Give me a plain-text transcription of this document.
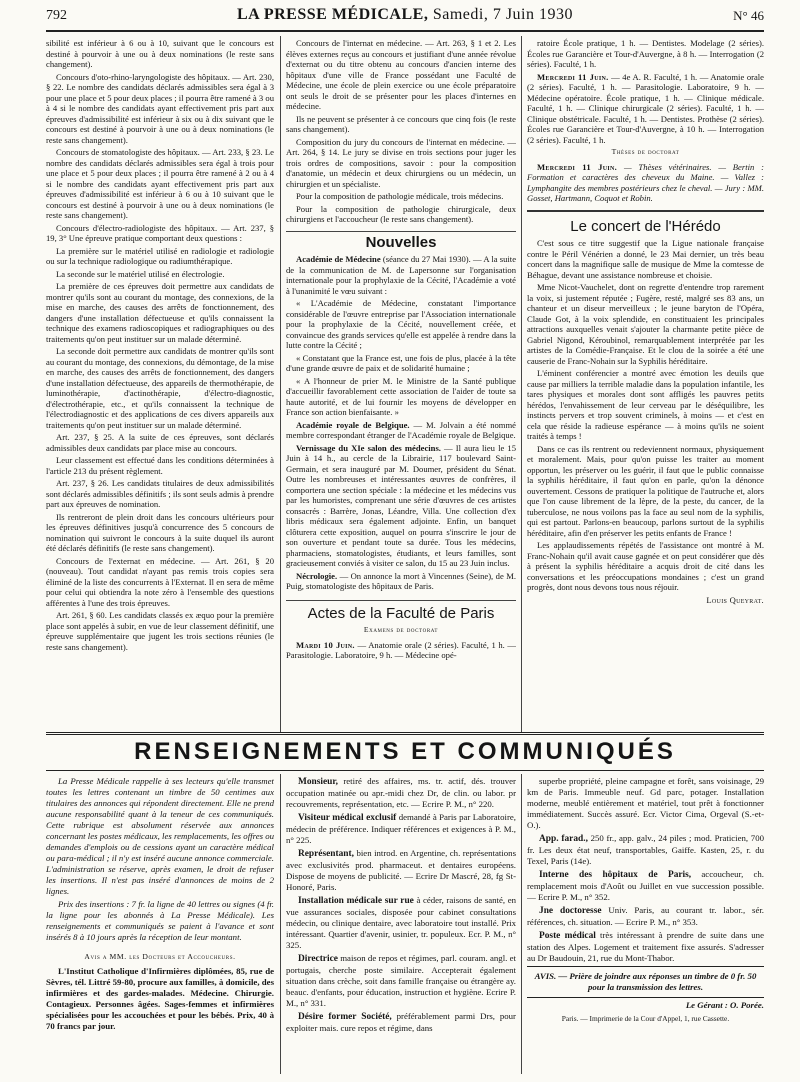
792	LA PRESSE MÉDICALE, Samedi, 7 Juin 1930	N° 46

sibilité est inférieur à 6 ou à 10, suivant que le concours est destiné à pourvoir à une ou à deux nominations (le reste sans changement).

Concours d'oto-rhino-laryngologiste des hôpitaux. — Art. 230, § 22. Le nombre des candidats déclarés admissibles sera égal à 3 pour une place et 5 pour deux places ; il pourra être ramené à 3 ou à 4 si le nombre des candidats ayant effectivement pris part aux épreuves d'admissibilité est inférieur à six ou à dix suivant que le concours est destiné à pourvoir à une ou à deux nominations (le reste sans changement).

Concours de stomatologiste des hôpitaux. — Art. 233, § 23. Le nombre des candidats déclarés admissibles sera égal à trois pour une place et 5 pour deux places ; il pourra être ramené à 2 ou à 4 si le nombre des candidats ayant effectivement pris part aux épreuves d'admissibilité est inférieur à 6 ou à 10 suivant que le concours est destiné à pourvoir à une ou à deux nominations (le reste sans changement).

Concours d'électro-radiologiste des hôpitaux. — Art. 237, § 19, 3° Une épreuve pratique comportant deux questions :

La première sur le matériel utilisé en radiologie et radiologie ou sur la technique radiologique ou radiumthérapique.

La seconde sur le matériel utilisé en électrologie.

La première de ces épreuves doit permettre aux candidats de montrer qu'ils sont au courant du montage, des connexions, de la mise en marche, des causes des arrêts de fonctionnement, des dangers d'une installation défectueuse et qu'ils connaissent la technique des examens radioscopiques et radiographiques ou des traitements qu'on peut instituer sur un malade déterminé.

La seconde doit permettre aux candidats de montrer qu'ils sont au courant du montage, des connexions, du démontage, de la mise en marche, des causes des arrêts de fonctionnement, des dangers d'une installation défectueuse, des appareils de thermothérapie, de luminothérapie, d'actinothérapie, d'électro-diagnostic, d'électrothérapie, etc., et qu'ils connaissent la technique de l'électrodiagnostic et des applications de ces divers appareils aux traitements qu'on peut instituer sur un malade déterminé.

Art. 237, § 25. A la suite de ces épreuves, sont déclarés admissibles deux candidats par place mise au concours.

Leur classement est effectué dans les conditions déterminées à l'article 213 du présent règlement.

Art. 237, § 26. Les candidats titulaires de deux admissibilités sont déclarés admissibles définitifs ; ils sont seuls admis à prendre part aux épreuves de nomination.

Ils rentreront de plein droit dans les concours ultérieurs pour les épreuves définitives jusqu'à concurrence des 5 concours de nomination qui suivront le concours à la suite duquel ils auront été déclarés définitifs (le reste sans changement).

Concours de l'externat en médecine. — Art. 261, § 20 (nouveau). Tout candidat n'ayant pas remis trois copies sera éliminé de la liste des concurrents à l'Externat. Il en sera de même pour celui qui obtiendra la note zéro à l'ensemble des questions afférentes à l'une des trois épreuves.

Art. 261, § 60. Les candidats classés ex æquo pour la première place sont appelés à subir, en vue de leur classement définitif, une épreuve supplémentaire que jugent les trois sections réunies (le reste sans changement).

Concours de l'internat en médecine. — Art. 263, § 1 et 2. Les élèves externes reçus au concours et justifiant d'une année révolue d'externat ou du titre obtenu au concours d'ancien interne des hôpitaux d'une ville de France possédant une Faculté de Médecine, une école de plein exercice ou une école préparatoire ont seuls le droit de se présenter pour les places d'internes en médecine.

Ils ne peuvent se présenter à ce concours que cinq fois (le reste sans changement).

Composition du jury du concours de l'internat en médecine. — Art. 264, § 14. Le jury se divise en trois sections pour juger les trois ordres de compositions, savoir : pour la composition d'anatomie, un médecin et deux chirurgiens ou un médecin, un chirurgien et un spécialiste.

Pour la composition de pathologie médicale, trois médecins.

Pour la composition de pathologie chirurgicale, deux chirurgiens et l'accoucheur (le reste sans changement).

Nouvelles

Académie de Médecine (séance du 27 Mai 1930). — A la suite de la communication de M. de Lapersonne sur l'organisation internationale pour la prophylaxie de la Cécité, l'Académie a voté à l'unanimité le vœu suivant :

« L'Académie de Médecine, constatant l'importance considérable de l'œuvre entreprise par l'Association internationale pour la prophylaxie de la Cécité, nouvellement créée, et convaincue des grands services qu'elle est appelée à rendre dans la lutte contre la Cécité ;

« Constatant que la France est, une fois de plus, placée à la tête d'une grande œuvre de paix et de solidarité humaine ;

« A l'honneur de prier M. le Ministre de la Santé publique d'accueillir favorablement cette association de l'aider de toute sa haute autorité, et de lui fournir les moyens de développer en France son action bienfaisante. »

Académie royale de Belgique. — M. Jolvain a été nommé membre correspondant étranger de l'Académie royale de Belgique.

Vernissage du XIe salon des médecins. — Il aura lieu le 15 Juin à 14 h., au cercle de la Librairie, 117 boulevard Saint-Germain, et sera inauguré par M. Doumer, président du Sénat. Outre les nombreuses et intéressantes œuvres de confrères, il comportera une section spéciale : la médecine et les médecins vus par les humoristes, comprenant une série d'œuvres de ces artistes consacrés : Barrère, Jonas, Léandre, Villa. Une collection d'ex libris médicaux sera également adjointe. Enfin, un banquet clôturera cette exposition, auquel on pourra s'inscrire le jour de son ouverture et pendant toute sa durée. Tous les médecins, pharmaciens, stomatologistes, étudiants, et leurs familles, sont gracieusement conviés à visiter ce salon, du 15 au 23 Juin inclus.

Nécrologie. — On annonce la mort à Vincennes (Seine), de M. Puig, stomatologiste des hôpitaux de Paris.

Actes de la Faculté de Paris
Examens de doctorat

Mardi 10 Juin. — Anatomie orale (2 séries). Faculté, 1 h. — Parasitologie. Laboratoire, 9 h. — Médecine opé-

ratoire École pratique, 1 h. — Dentistes. Modelage (2 séries). Écoles rue Garancière et Tour-d'Auvergne, à 8 h. — Interrogation (2 séries). Faculté, 1 h.

Mercredi 11 Juin. — 4e A. R. Faculté, 1 h. — Anatomie orale (2 séries). Faculté, 1 h. — Parasitologie. Laboratoire, 9 h. — Médecine opératoire. École pratique, 1 h. — Clinique médicale. Faculté, 1 h. — Clinique chirurgicale (2 séries). Faculté, 1 h. — Clinique obstétricale. Faculté, 1 h. — Dentistes. Prothèse (2 séries). Écoles rue Garancière et Tour-d'Auvergne, à 10 h. — Interrogation (2 séries). Faculté, 1 h.

Thèses de doctorat

Mercredi 11 Juin. — Thèses vétérinaires. — Bertin : Formation et caractères des cheveux du Maine. — Vallez : Lymphangite des membres postérieurs chez le cheval. — Jury : MM. Gosset, Hartmann, Coquot et Robin.

Le concert de l'Hérédo

C'est sous ce titre suggestif que la Ligue nationale française contre le Péril Vénérien a donné, le 23 Mai dernier, un très beau concert dans la magnifique salle de musique de Mme la comtesse de Béhague, devant une assistance nombreuse et choisie.

Mme Nicot-Vauchelet, dont on regrette d'entendre trop rarement la voix, si justement réputée ; Fugère, resté, malgré ses 83 ans, un chanteur et un diseur merveilleux ; le jeune baryton de l'Opéra, Claude Got, à la voix splendide, en constituaient les principales attractions auxquelles venait s'ajouter la charmante petite pièce de Gabriel Nigond, Kéroubinol, remarquablement interprétée par les artistes de la Comédie-Française. Et le clou de la soirée a été une causerie de Franc-Nohain sur la Syphilis héréditaire.

L'éminent conférencier a montré avec émotion les deuils que cause par milliers la terrible maladie dans la population infantile, les tares physiques et morales dont sont affligés les pauvres petits hérédos, l'envahissement de leur cerveau par le déséquilibre, les instincts pervers et trop souvent criminels, à moins — et c'est en cela que réside la radieuse espérance — à moins qu'ils ne soient traités à temps !

Dans ce cas ils rentrent ou redeviennent normaux, physiquement et moralement. Mais, pour qu'on puisse les traiter au moment opportun, les préserver ou les guérir, il faut que le public connaisse la syphilis héréditaire, il faut qu'on en parle, qu'on la dénonce ouvertement. Cessons de pratiquer la politique de l'autruche et, alors que l'on cause librement de la lèpre, de la peste, du cancer, de la tuberculose, ne nous voilons pas la face au seul nom de la syphilis, qui est partout. Parlons-en beaucoup, parlons surtout de la syphilis héréditaire, afin d'en préserver les petits enfants de France !

Les applaudissements répétés de l'assistance ont montré à M. Franc-Nohain qu'il avait cause gagnée et on peut considérer que dès à présent la syphilis héréditaire a acquis droit de cité dans les conversations et les préoccupations mondaines ; c'est un grand progrès, dont nous devons tous nous réjouir.

Louis Queyrat.

RENSEIGNEMENTS ET COMMUNIQUÉS

La Presse Médicale rappelle à ses lecteurs qu'elle transmet toutes les lettres contenant un timbre de 50 centimes aux titulaires des annonces qui répondent directement. Elle ne prend aucune responsabilité quant à la teneur de ces communiqués. Cette rubrique est absolument réservée aux annonces concernant les postes médicaux, les remplacements, les offres ou demandes d'emplois ou de cessions ayant un caractère médical ou para-médical ; il n'y est inséré aucune annonce commerciale. L'administration se réserve, après examen, le droit de refuser les insertions. Il n'est pas inséré d'annonces de moins de 2 lignes.

Prix des insertions : 7 fr. la ligne de 40 lettres ou signes (4 fr. la ligne pour les abonnés à La Presse Médicale). Les renseignements et communiqués se paient à l'avance et sont insérés 8 à 10 jours après la réception de leur montant.

Avis a MM. les Docteurs et Accoucheurs.

L'Institut Catholique d'Infirmières diplômées, 85, rue de Sèvres, tél. Littré 59-80, procure aux familles, à domicile, des infirmières et des gardes-malades. Médecine. Chirurgie. Contagieux. Personnes âgées. Sages-femmes et infirmières spécialisées pour les accouchées et pour les bébés. Prix, 40 à 70 francs par jour.

Monsieur, retiré des affaires, ms. tr. actif, dés. trouver occupation matinée ou apr.-midi chez Dr, de clin. ou labor. pr recouvrements, représentation, etc. — Ecrire P. M., n° 220.

Visiteur médical exclusif demandé à Paris par Laboratoire, médecin de préférence. Indiquer références et exigences à P. M., n° 225.

Représentant, bien introd. en Argentine, ch. représentations avec exclusivités prod. pharmaceut. et dentaires européens. Dispose de moyens de publicité. — Ecrire Dr Mascré, 28, fg St-Honoré, Paris.

Installation médicale sur rue à céder, raisons de santé, en vue assurances sociales, disposée pour cabinet consultations médecin, ou clinique dentaire, avec laboratoire tout installé. Prix intéressant. Quartier d'avenir, usinier, tr. populeux. Ecr. P. M., n° 325.

Directrice maison de repos et régimes, parl. couram. angl. et portugais, cherche poste similaire. Accepterait également situation dans crèche, soit dans famille française ou étrangère ay. beauc. d'enfants, pour éducation, instruction et hygiène. Ecrire P. M., n° 331.

Désire former Société, préférablement parmi Drs, pour exploiter mais. cure repos et régime, dans

superbe propriété, pleine campagne et forêt, sans voisinage, 29 km de Paris. Immeuble neuf. Gd parc, potager. Installation moderne, meublé entièrement et matériel, tout prêt à fonctionner immédiatement. Succès assuré. Ecr. Victor Cima, Orgeval (S.-et-O.).

App. farad., 250 fr., app. galv., 24 piles ; mod. Praticien, 700 fr. Les deux état neuf, transportables, Gaiffe. Kasten, 25, r. du Texel, Paris (14e).

Interne des hôpitaux de Paris, accoucheur, ch. remplacement mois d'Août ou Juillet en vue succession possible. — Ecrire P. M., n° 352.

Jne doctoresse Univ. Paris, au courant tr. labor., sér. références, ch. situation. — Ecrire P. M., n° 353.

Poste médical très intéressant à prendre de suite dans une station des Alpes. Logement et traitement fixe assurés. S'adresser au Dr Baudouin, 21, rue du Mont-Thabor.

AVIS. — Prière de joindre aux réponses un timbre de 0 fr. 50 pour la transmission des lettres.

Le Gérant : O. Porée.

Paris. — Imprimerie de la Cour d'Appel, 1, rue Cassette.
